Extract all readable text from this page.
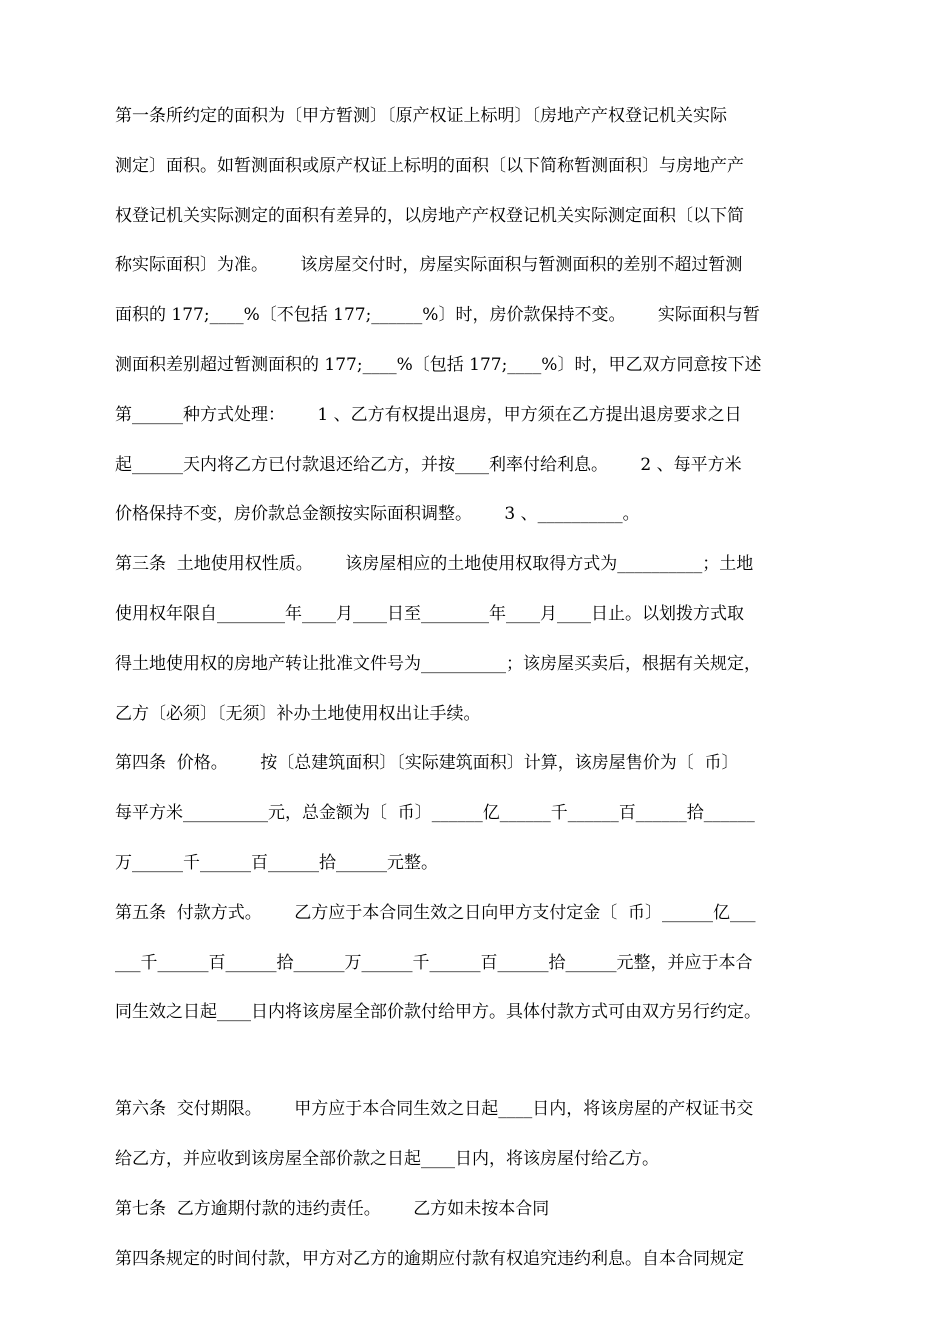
第一条所约定的面积为〔甲方暂测〕〔原产权证上标明〕〔房地产产权登记机关实际
测定〕面积。如暂测面积或原产权证上标明的面积〔以下简称暂测面积〕与房地产产
权登记机关实际测定的面积有差异的，以房地产产权登记机关实际测定面积〔以下简
称实际面积〕为准。      该房屋交付时，房屋实际面积与暂测面积的差别不超过暂测
面积的 177;____%〔不包括 177;______%〕时，房价款保持不变。      实际面积与暂
测面积差别超过暂测面积的 177;____%〔包括 177;____%〕时，甲乙双方同意按下述
第______种方式处理：      1 、乙方有权提出退房，甲方须在乙方提出退房要求之日
起______天内将乙方已付款退还给乙方，并按____利率付给利息。      2 、每平方米
价格保持不变，房价款总金额按实际面积调整。      3 、__________。
第三条  土地使用权性质。      该房屋相应的土地使用权取得方式为__________；土地
使用权年限自________年____月____日至________年____月____日止。以划拨方式取
得土地使用权的房地产转让批准文件号为__________；该房屋买卖后，根据有关规定，
乙方〔必须〕〔无须〕补办土地使用权出让手续。
第四条  价格。      按〔总建筑面积〕〔实际建筑面积〕计算，该房屋售价为〔  币〕
每平方米__________元，总金额为〔  币〕______亿______千______百______拾______
万______千______百______拾______元整。
第五条  付款方式。      乙方应于本合同生效之日向甲方支付定金〔  币〕______亿___
___千______百______拾______万______千______百______拾______元整，并应于本合
同生效之日起____日内将该房屋全部价款付给甲方。具体付款方式可由双方另行约定。
第六条  交付期限。      甲方应于本合同生效之日起____日内，将该房屋的产权证书交
给乙方，并应收到该房屋全部价款之日起____日内，将该房屋付给乙方。
第七条  乙方逾期付款的违约责任。      乙方如未按本合同
第四条规定的时间付款，甲方对乙方的逾期应付款有权追究违约利息。自本合同规定
